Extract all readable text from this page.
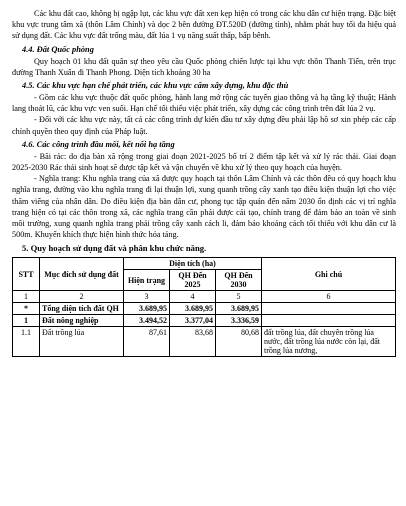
Các khu đất cao, không bị ngập lụt, các khu vực đất xen kẹp hiện có trong các khu dân cư hiện trạng. Đặc biệt khu vực trung tâm xã (thôn Lâm Chính) và dọc 2 bên đường ĐT.520D (đường tỉnh), nhằm phát huy tối đa hiệu quả sử dụng đất. Các khu vực đất trống màu, đất lúa 1 vụ năng suất thấp, bấp bênh.

4.4. Đất Quốc phòng

Quy hoạch 01 khu đất quân sự theo yêu cầu Quốc phòng chiến lược tại khu vực thôn Thanh Tiến, trên trục đường Thanh Xuân đi Thanh Phong. Diện tích khoảng 30 ha

4.5. Các khu vực hạn chế phát triển, các khu vực cấm xây dựng, khu đặc thù

- Gồm các khu vực thuộc đất quốc phòng, hành lang mở rộng các tuyến giao thông và hạ tầng kỹ thuật; Hành lang thoát lũ, các khu vực ven suối. Hạn chế tối thiểu việc phát triển, xây dựng các công trình trên đất lúa 2 vụ.

- Đối với các khu vực này, tất cả các công trình dự kiến đầu tư xây dựng đều phải lập hồ sơ xin phép các cấp chính quyền theo quy định của Pháp luật.

4.6. Các công trình đầu mối, kết nối hạ tầng

- Bãi rác: do địa bàn xã rộng trong giai đoạn 2021-2025 bố trí 2 điểm tập kết và xử lý rác thải. Giai đoạn 2025-2030 Rác thải sinh hoạt sẽ được tập kết và vận chuyển về khu xử lý theo quy hoạch của huyện.

- Nghĩa trang: Khu nghĩa trang của xã được quy hoạch tại thôn Lâm Chính và các thôn đều có quy hoạch khu nghĩa trang, đường vào khu nghĩa trang đi lại thuận lợi, xung quanh trồng cây xanh tạo điều kiện thuận lợi cho việc thăm viếng của nhân dân. Do điều kiện địa bàn dân cư, phong tục tập quán đến năm 2030 ổn định các vị trí nghĩa trang hiện có tại các thôn trong xã, các nghĩa trang cần phải được cải tạo, chỉnh trang để đảm bảo an toàn về sinh môi trường, xung quanh nghĩa trang phải trồng cây xanh cách li, đảm bảo khoảng cách tối thiểu với khu dân cư là 500m. Khuyến khích thực hiện hình thức hỏa táng.

5. Quy hoạch sử dụng đất và phân khu chức năng.

STT	Mục đích sử dụng đất	Diện tích (ha)			Ghi chú
		Hiện trạng	QH Đến 2025	QH Đến 2030	
1	2	3	4	5	6
*	Tổng diện tích đất QH	3.689,95	3.689,95	3.689,95	
1	Đất nông nghiệp	3.494,52	3.377,04	3.336,59	
1.1	Đất trồng lúa	87,61	83,68	80,68	đất trồng lúa, đất chuyên trồng lúa nước, đất trồng lúa nước còn lại, đất trồng lúa nương,
